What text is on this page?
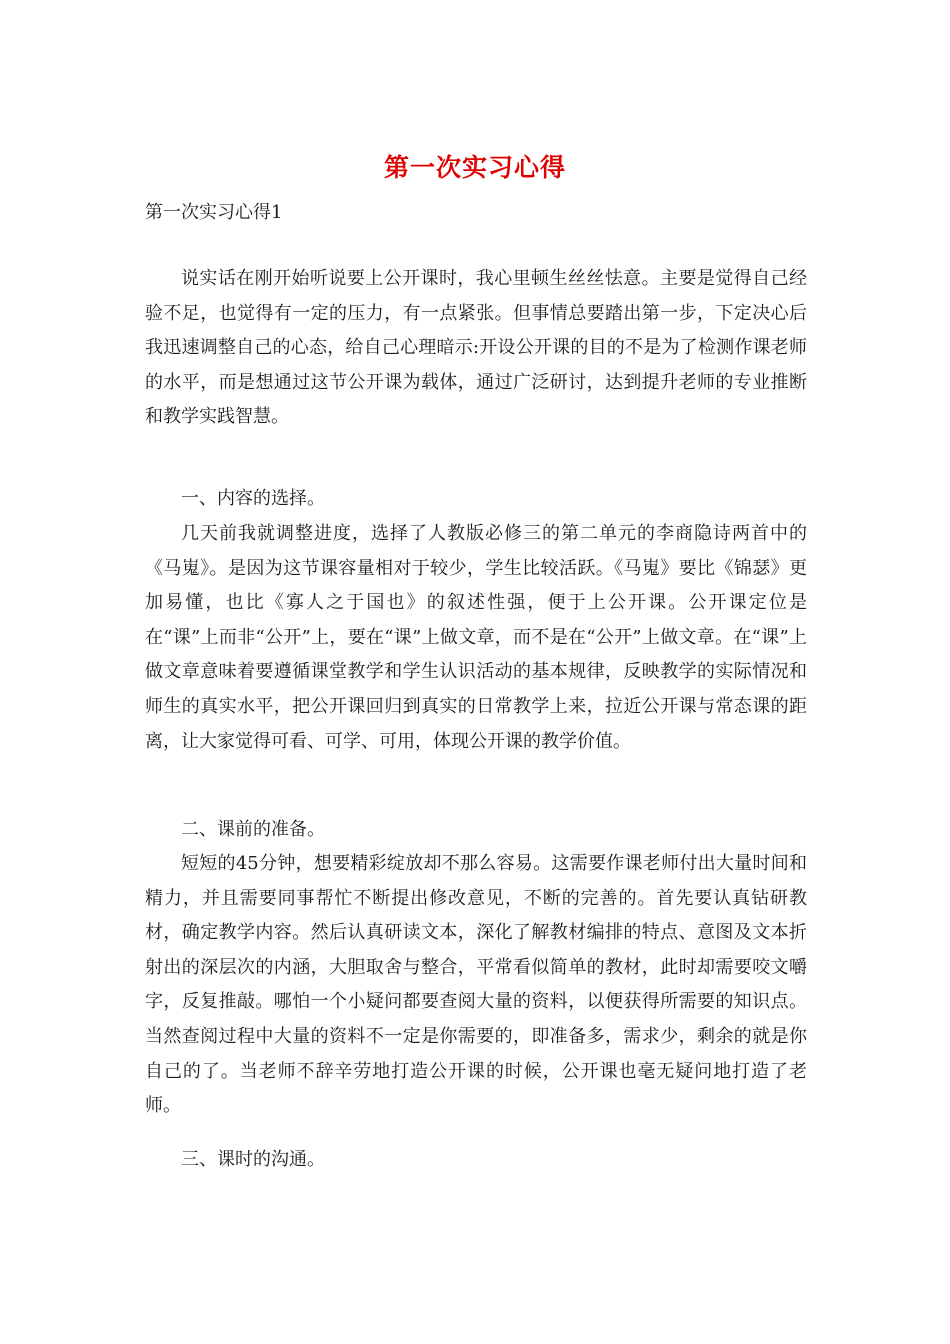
第一次实习心得

第一次实习心得1

说实话在刚开始听说要上公开课时，我心里顿生丝丝怯意。主要是觉得自己经验不足，也觉得有一定的压力，有一点紧张。但事情总要踏出第一步，下定决心后我迅速调整自己的心态，给自己心理暗示:开设公开课的目的不是为了检测作课老师的水平，而是想通过这节公开课为载体，通过广泛研讨，达到提升老师的专业推断和教学实践智慧。

一、内容的选择。

几天前我就调整进度，选择了人教版必修三的第二单元的李商隐诗两首中的《马嵬》。是因为这节课容量相对于较少，学生比较活跃。《马嵬》要比《锦瑟》更加易懂，也比《寡人之于国也》的叙述性强，便于上公开课。公开课定位是在“课”上而非“公开”上，要在“课”上做文章，而不是在“公开”上做文章。在“课”上做文章意味着要遵循课堂教学和学生认识活动的基本规律，反映教学的实际情况和师生的真实水平，把公开课回归到真实的日常教学上来，拉近公开课与常态课的距离，让大家觉得可看、可学、可用，体现公开课的教学价值。

二、课前的准备。

短短的45分钟，想要精彩绽放却不那么容易。这需要作课老师付出大量时间和精力，并且需要同事帮忙不断提出修改意见，不断的完善的。首先要认真钻研教材，确定教学内容。然后认真研读文本，深化了解教材编排的特点、意图及文本折射出的深层次的内涵，大胆取舍与整合，平常看似简单的教材，此时却需要咬文嚼字，反复推敲。哪怕一个小疑问都要查阅大量的资料，以便获得所需要的知识点。当然查阅过程中大量的资料不一定是你需要的，即准备多，需求少，剩余的就是你自己的了。当老师不辞辛劳地打造公开课的时候，公开课也毫无疑问地打造了老师。

三、课时的沟通。
